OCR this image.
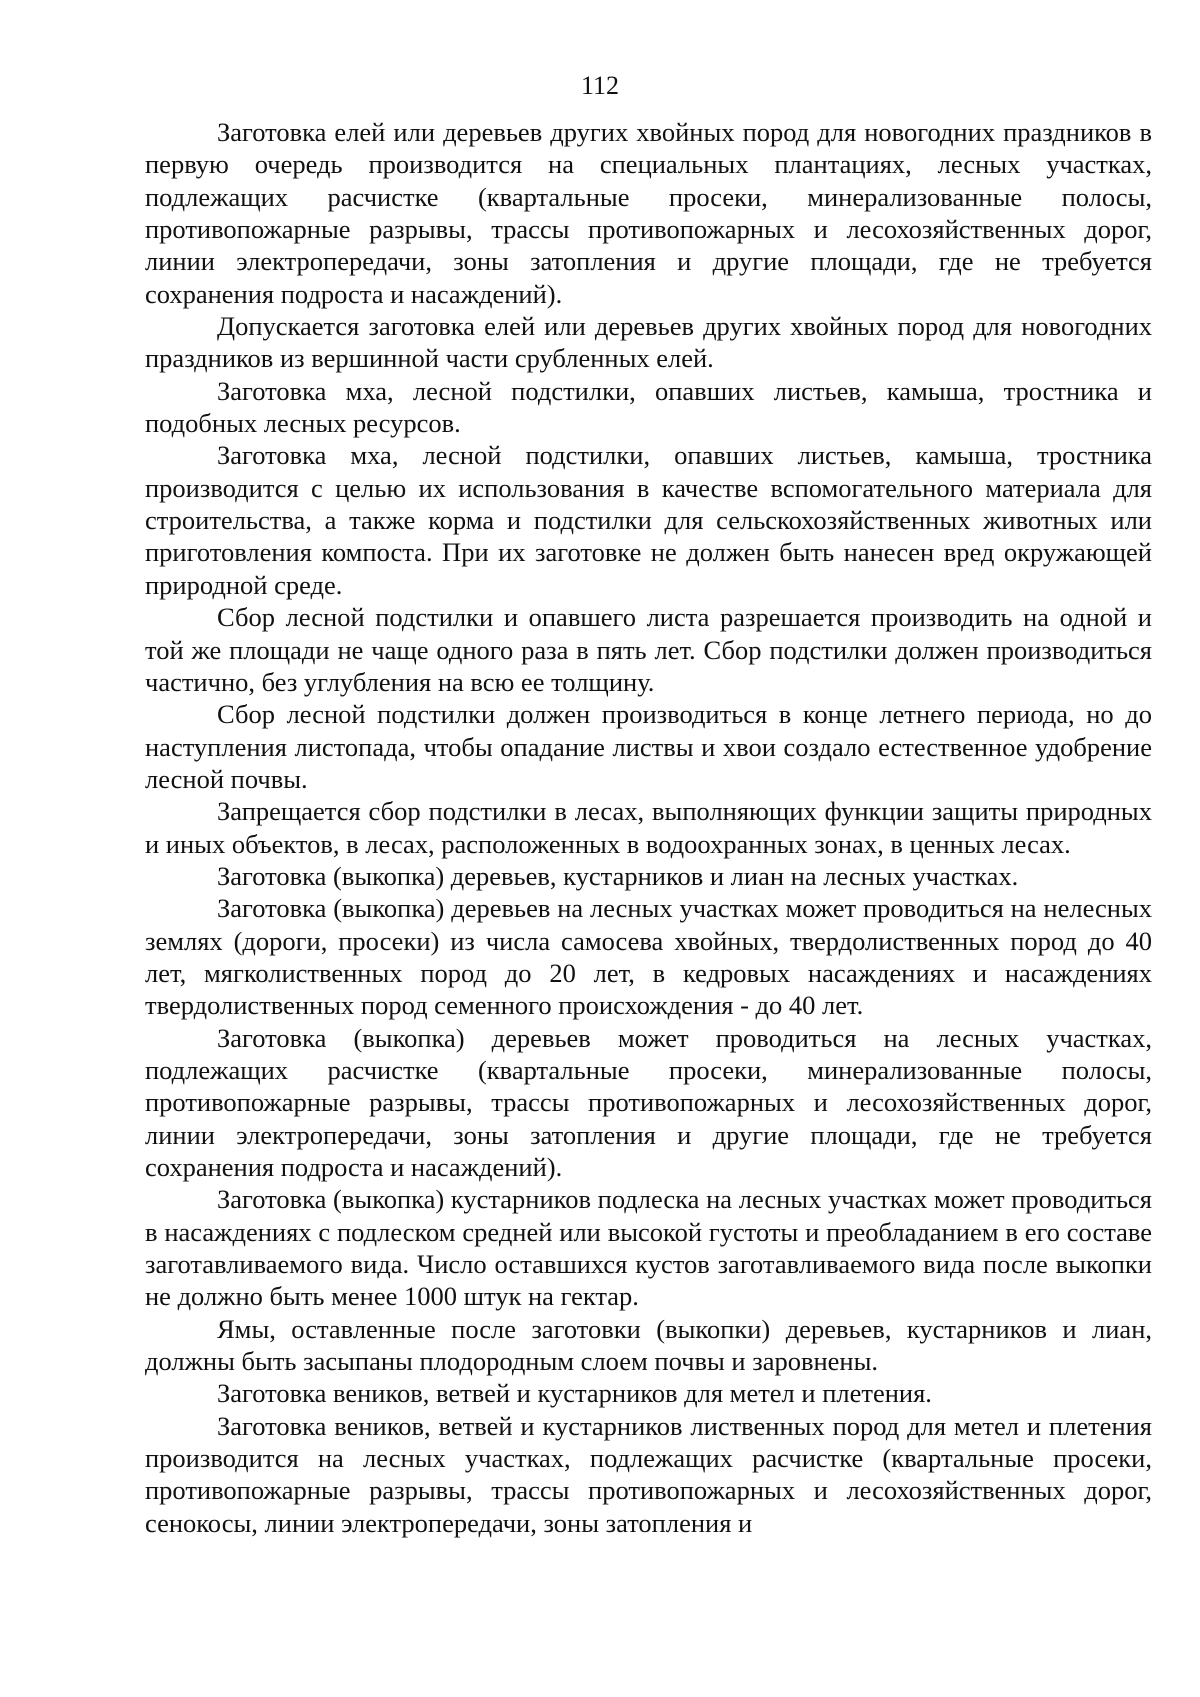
112

Заготовка елей или деревьев других хвойных пород для новогодних праздников в первую очередь производится на специальных плантациях, лесных участках, подлежащих расчистке (квартальные просеки, минерализованные полосы, противопожарные разрывы, трассы противопожарных и лесохозяйственных дорог, линии электропередачи, зоны затопления и другие площади, где не требуется сохранения подроста и насаждений).

Допускается заготовка елей или деревьев других хвойных пород для новогодних праздников из вершинной части срубленных елей.

Заготовка мха, лесной подстилки, опавших листьев, камыша, тростника и подобных лесных ресурсов.

Заготовка мха, лесной подстилки, опавших листьев, камыша, тростника производится с целью их использования в качестве вспомогательного материала для строительства, а также корма и подстилки для сельскохозяйственных животных или приготовления компоста. При их заготовке не должен быть нанесен вред окружающей природной среде.

Сбор лесной подстилки и опавшего листа разрешается производить на одной и той же площади не чаще одного раза в пять лет. Сбор подстилки должен производиться частично, без углубления на всю ее толщину.

Сбор лесной подстилки должен производиться в конце летнего периода, но до наступления листопада, чтобы опадание листвы и хвои создало естественное удобрение лесной почвы.

Запрещается сбор подстилки в лесах, выполняющих функции защиты природных и иных объектов, в лесах, расположенных в водоохранных зонах, в ценных лесах.

Заготовка (выкопка) деревьев, кустарников и лиан на лесных участках.

Заготовка (выкопка) деревьев на лесных участках может проводиться на нелесных землях (дороги, просеки) из числа самосева хвойных, твердолиственных пород до 40 лет, мягколиственных пород до 20 лет, в кедровых насаждениях и насаждениях твердолиственных пород семенного происхождения - до 40 лет.

Заготовка (выкопка) деревьев может проводиться на лесных участках, подлежащих расчистке (квартальные просеки, минерализованные полосы, противопожарные разрывы, трассы противопожарных и лесохозяйственных дорог, линии электропередачи, зоны затопления и другие площади, где не требуется сохранения подроста и насаждений).

Заготовка (выкопка) кустарников подлеска на лесных участках может проводиться в насаждениях с подлеском средней или высокой густоты и преобладанием в его составе заготавливаемого вида. Число оставшихся кустов заготавливаемого вида после выкопки не должно быть менее 1000 штук на гектар.

Ямы, оставленные после заготовки (выкопки) деревьев, кустарников и лиан, должны быть засыпаны плодородным слоем почвы и заровнены.

Заготовка веников, ветвей и кустарников для метел и плетения.

Заготовка веников, ветвей и кустарников лиственных пород для метел и плетения производится на лесных участках, подлежащих расчистке (квартальные просеки, противопожарные разрывы, трассы противопожарных и лесохозяйственных дорог, сенокосы, линии электропередачи, зоны затопления и
